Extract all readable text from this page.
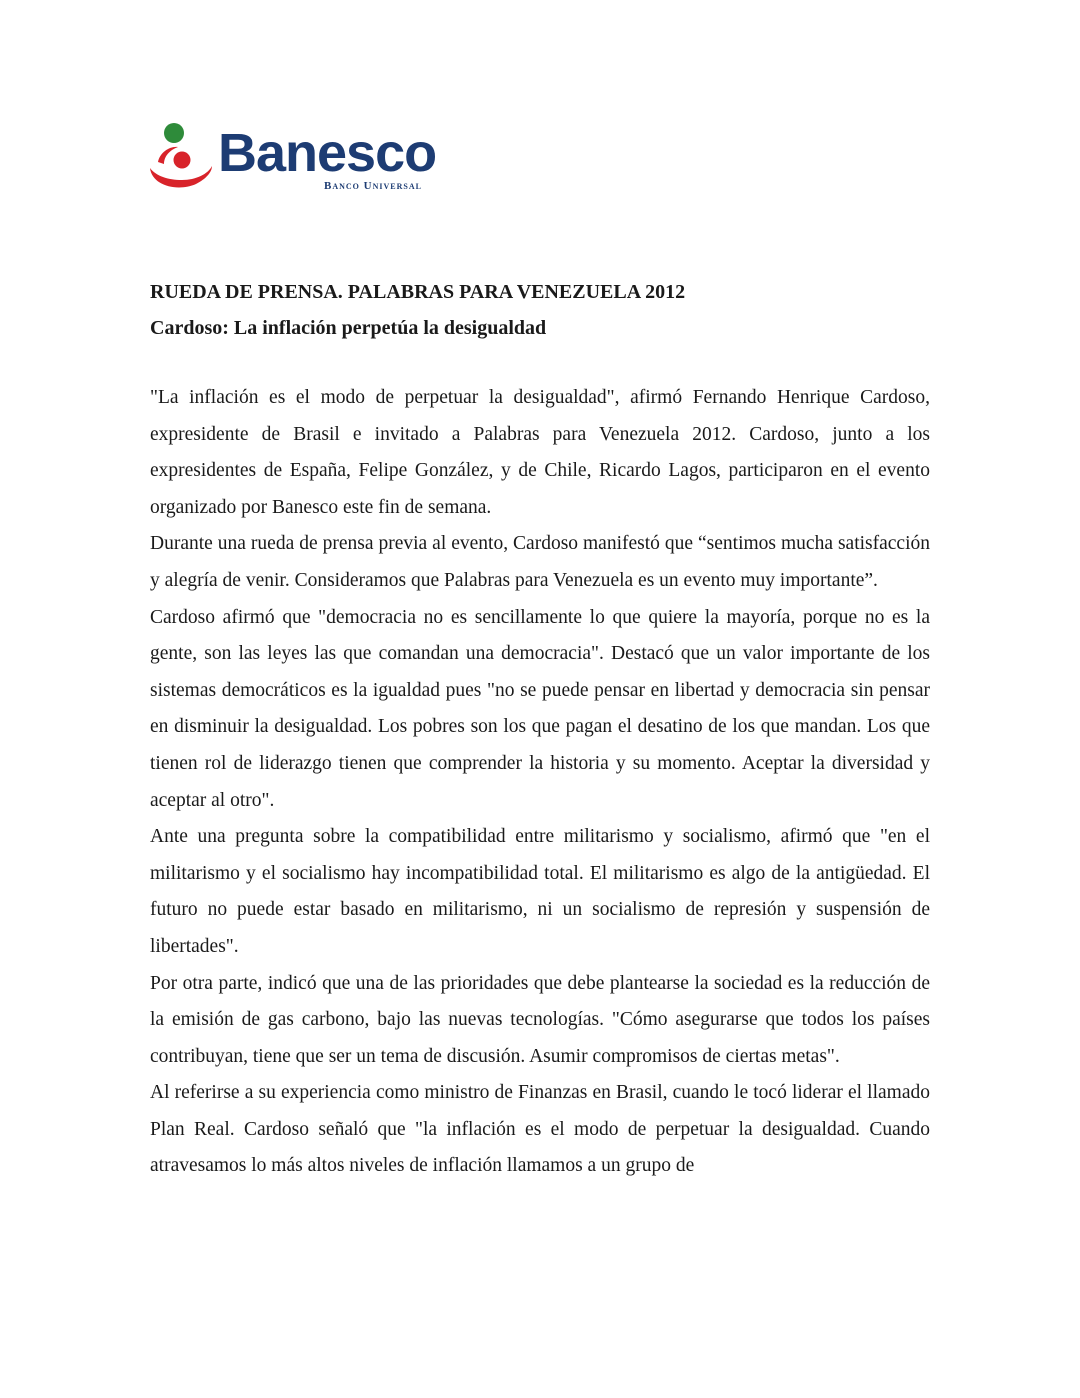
Banesco
Banco Universal

RUEDA DE PRENSA. PALABRAS PARA VENEZUELA 2012

Cardoso: La inflación perpetúa la desigualdad

"La inflación es el modo de perpetuar la desigualdad", afirmó Fernando Henrique Cardoso, expresidente de Brasil e invitado a Palabras para Venezuela 2012. Cardoso, junto a los expresidentes de España, Felipe González, y de Chile, Ricardo Lagos, participaron en el evento organizado por Banesco este fin de semana.

Durante una rueda de prensa previa al evento, Cardoso manifestó que “sentimos mucha satisfacción y alegría de venir. Consideramos que Palabras para Venezuela es un evento muy importante”.

Cardoso afirmó que "democracia no es sencillamente lo que quiere la mayoría, porque no es la gente, son las leyes las que comandan una democracia". Destacó que un valor importante de los sistemas democráticos es la igualdad pues "no se puede pensar en libertad y democracia sin pensar en disminuir la desigualdad. Los pobres son los que pagan el desatino de los que mandan. Los que tienen rol de liderazgo tienen que comprender la historia y su momento. Aceptar la diversidad y aceptar al otro".

Ante una pregunta sobre la compatibilidad entre militarismo y socialismo, afirmó que "en el militarismo y el socialismo hay incompatibilidad total. El militarismo es algo de la antigüedad. El futuro no puede estar basado en militarismo, ni un socialismo de represión y suspensión de libertades".

Por otra parte, indicó que una de las prioridades que debe plantearse la sociedad es la reducción de la emisión de gas carbono, bajo las nuevas tecnologías. "Cómo asegurarse que todos los países contribuyan, tiene que ser un tema de discusión. Asumir compromisos de ciertas metas".

Al referirse a su experiencia como ministro de Finanzas en Brasil, cuando le tocó liderar el llamado Plan Real. Cardoso señaló que "la inflación es el modo de perpetuar la desigualdad. Cuando atravesamos lo más altos niveles de inflación llamamos a un grupo de
